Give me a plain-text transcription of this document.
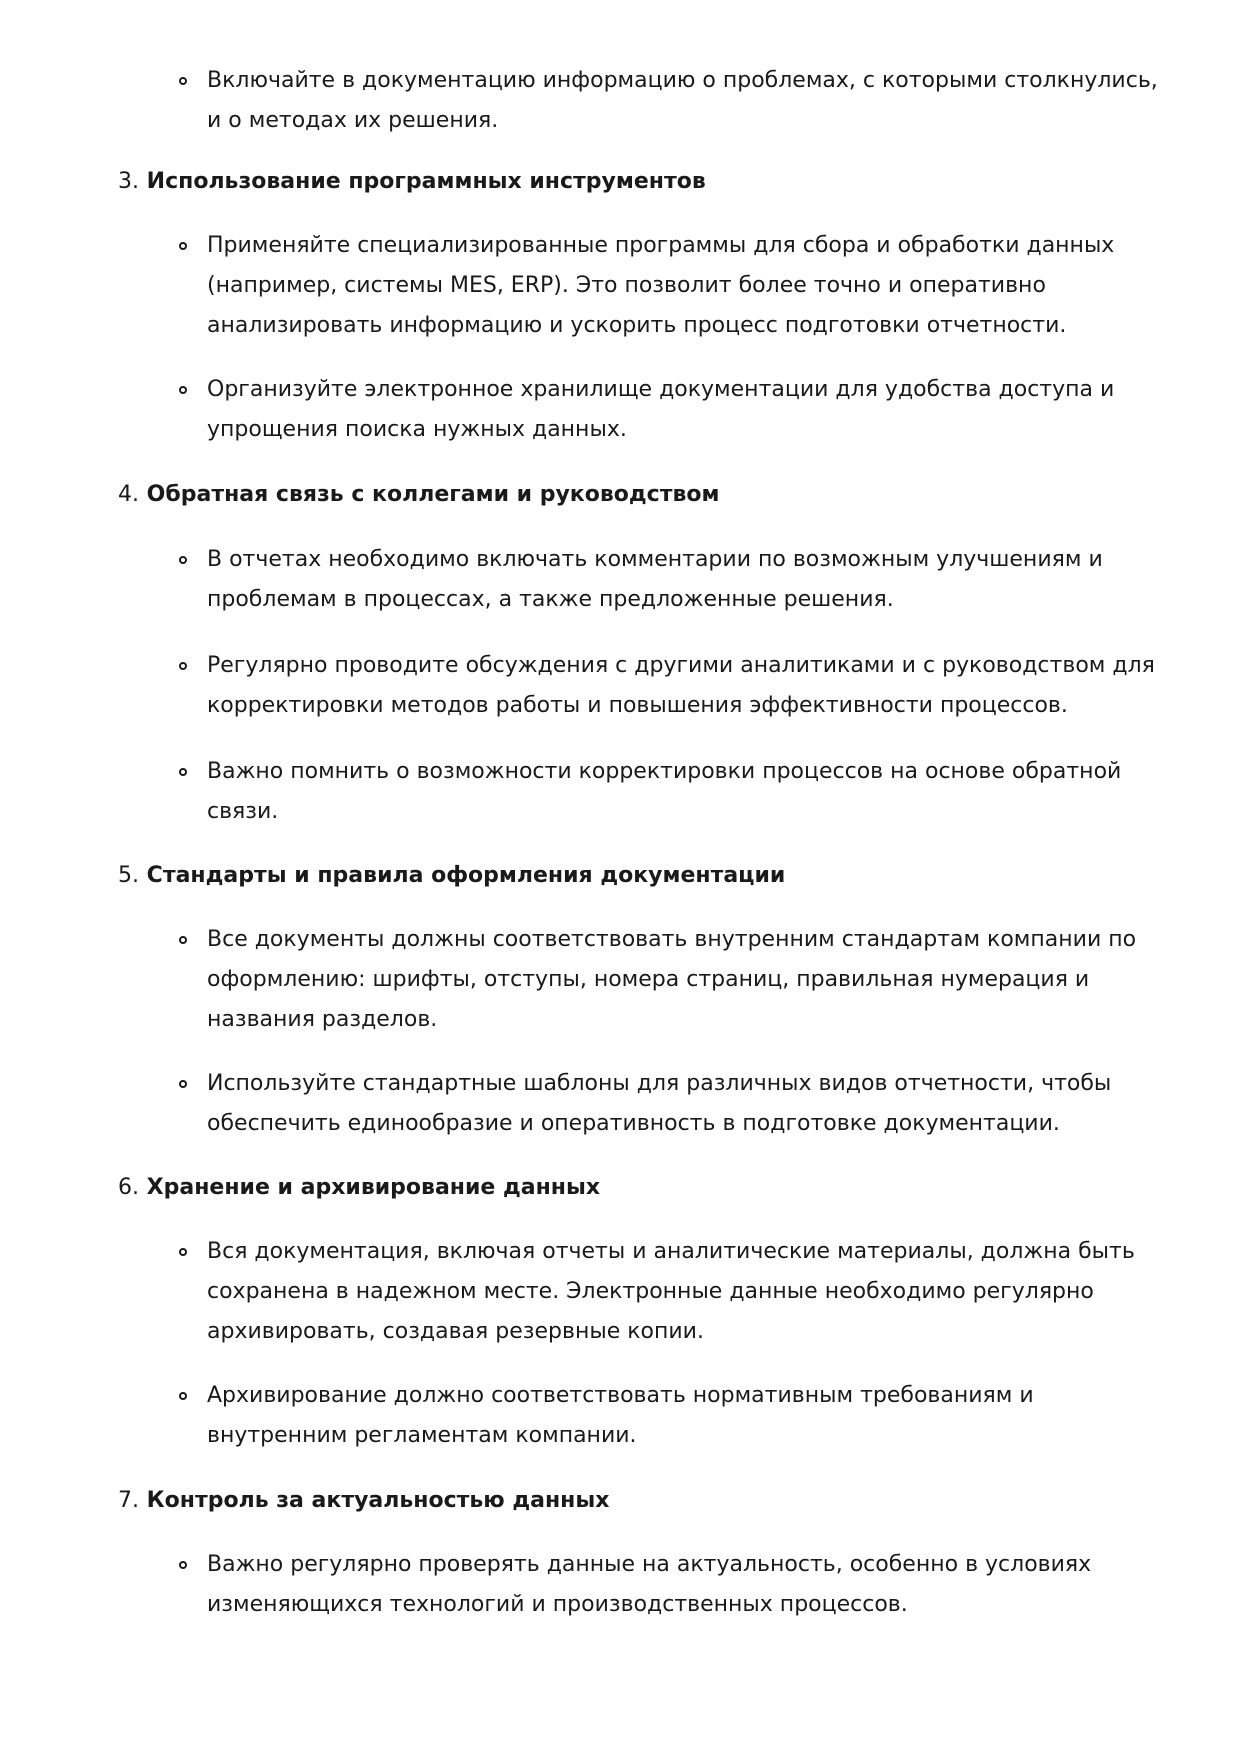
Включайте в документацию информацию о проблемах, с которыми столкнулись, и о методах их решения.

3. Использование программных инструментов

Применяйте специализированные программы для сбора и обработки данных (например, системы MES, ERP). Это позволит более точно и оперативно анализировать информацию и ускорить процесс подготовки отчетности.

Организуйте электронное хранилище документации для удобства доступа и упрощения поиска нужных данных.

4. Обратная связь с коллегами и руководством

В отчетах необходимо включать комментарии по возможным улучшениям и проблемам в процессах, а также предложенные решения.

Регулярно проводите обсуждения с другими аналитиками и с руководством для корректировки методов работы и повышения эффективности процессов.

Важно помнить о возможности корректировки процессов на основе обратной связи.

5. Стандарты и правила оформления документации

Все документы должны соответствовать внутренним стандартам компании по оформлению: шрифты, отступы, номера страниц, правильная нумерация и названия разделов.

Используйте стандартные шаблоны для различных видов отчетности, чтобы обеспечить единообразие и оперативность в подготовке документации.

6. Хранение и архивирование данных

Вся документация, включая отчеты и аналитические материалы, должна быть сохранена в надежном месте. Электронные данные необходимо регулярно архивировать, создавая резервные копии.

Архивирование должно соответствовать нормативным требованиям и внутренним регламентам компании.

7. Контроль за актуальностью данных

Важно регулярно проверять данные на актуальность, особенно в условиях изменяющихся технологий и производственных процессов.
